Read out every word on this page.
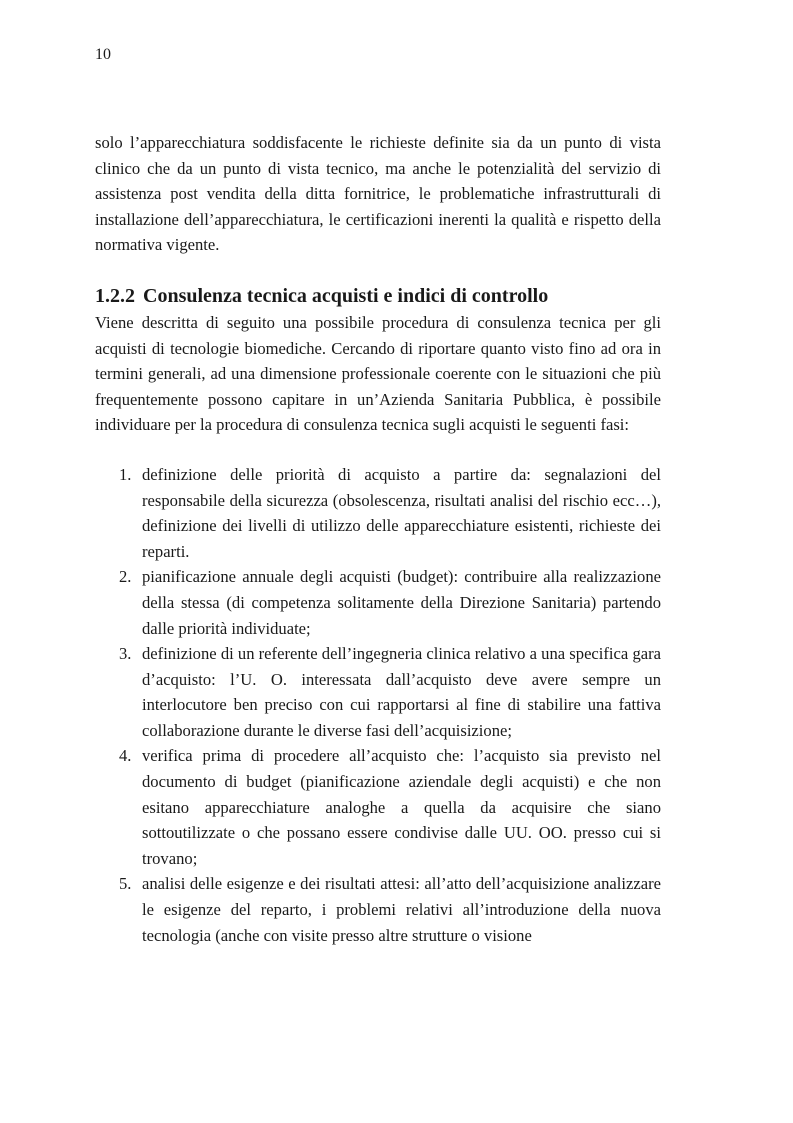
10

solo l’apparecchiatura soddisfacente le richieste definite sia da un punto di vista clinico che da un punto di vista tecnico, ma anche le potenzialità del servizio di assistenza post vendita della ditta fornitrice, le problematiche infrastrutturali di installazione dell’apparecchiatura, le certificazioni inerenti la qualità e rispetto della normativa vigente.

1.2.2 Consulenza tecnica acquisti e indici di controllo

Viene descritta di seguito una possibile procedura di consulenza tecnica per gli acquisti di tecnologie biomediche. Cercando di riportare quanto visto fino ad ora in termini generali, ad una dimensione professionale coerente con le situazioni che più frequentemente possono capitare in un’Azienda Sanitaria Pubblica, è possibile individuare per la procedura di consulenza tecnica sugli acquisti le seguenti fasi:

1. definizione delle priorità di acquisto a partire da: segnalazioni del responsabile della sicurezza (obsolescenza, risultati analisi del rischio ecc…), definizione dei livelli di utilizzo delle apparecchiature esistenti, richieste dei reparti.
2. pianificazione annuale degli acquisti (budget): contribuire alla realizzazione della stessa (di competenza solitamente della Direzione Sanitaria) partendo dalle priorità individuate;
3. definizione di un referente dell’ingegneria clinica relativo a una specifica gara d’acquisto: l’U. O. interessata dall’acquisto deve avere sempre un interlocutore ben preciso con cui rapportarsi al fine di stabilire una fattiva collaborazione durante le diverse fasi dell’acquisizione;
4. verifica prima di procedere all’acquisto che: l’acquisto sia previsto nel documento di budget (pianificazione aziendale degli acquisti) e che non esitano apparecchiature analoghe a quella da acquisire che siano sottoutilizzate o che possano essere condivise dalle UU. OO. presso cui si trovano;
5. analisi delle esigenze e dei risultati attesi: all’atto dell’acquisizione analizzare le esigenze del reparto, i problemi relativi all’introduzione della nuova tecnologia (anche con visite presso altre strutture o visione
